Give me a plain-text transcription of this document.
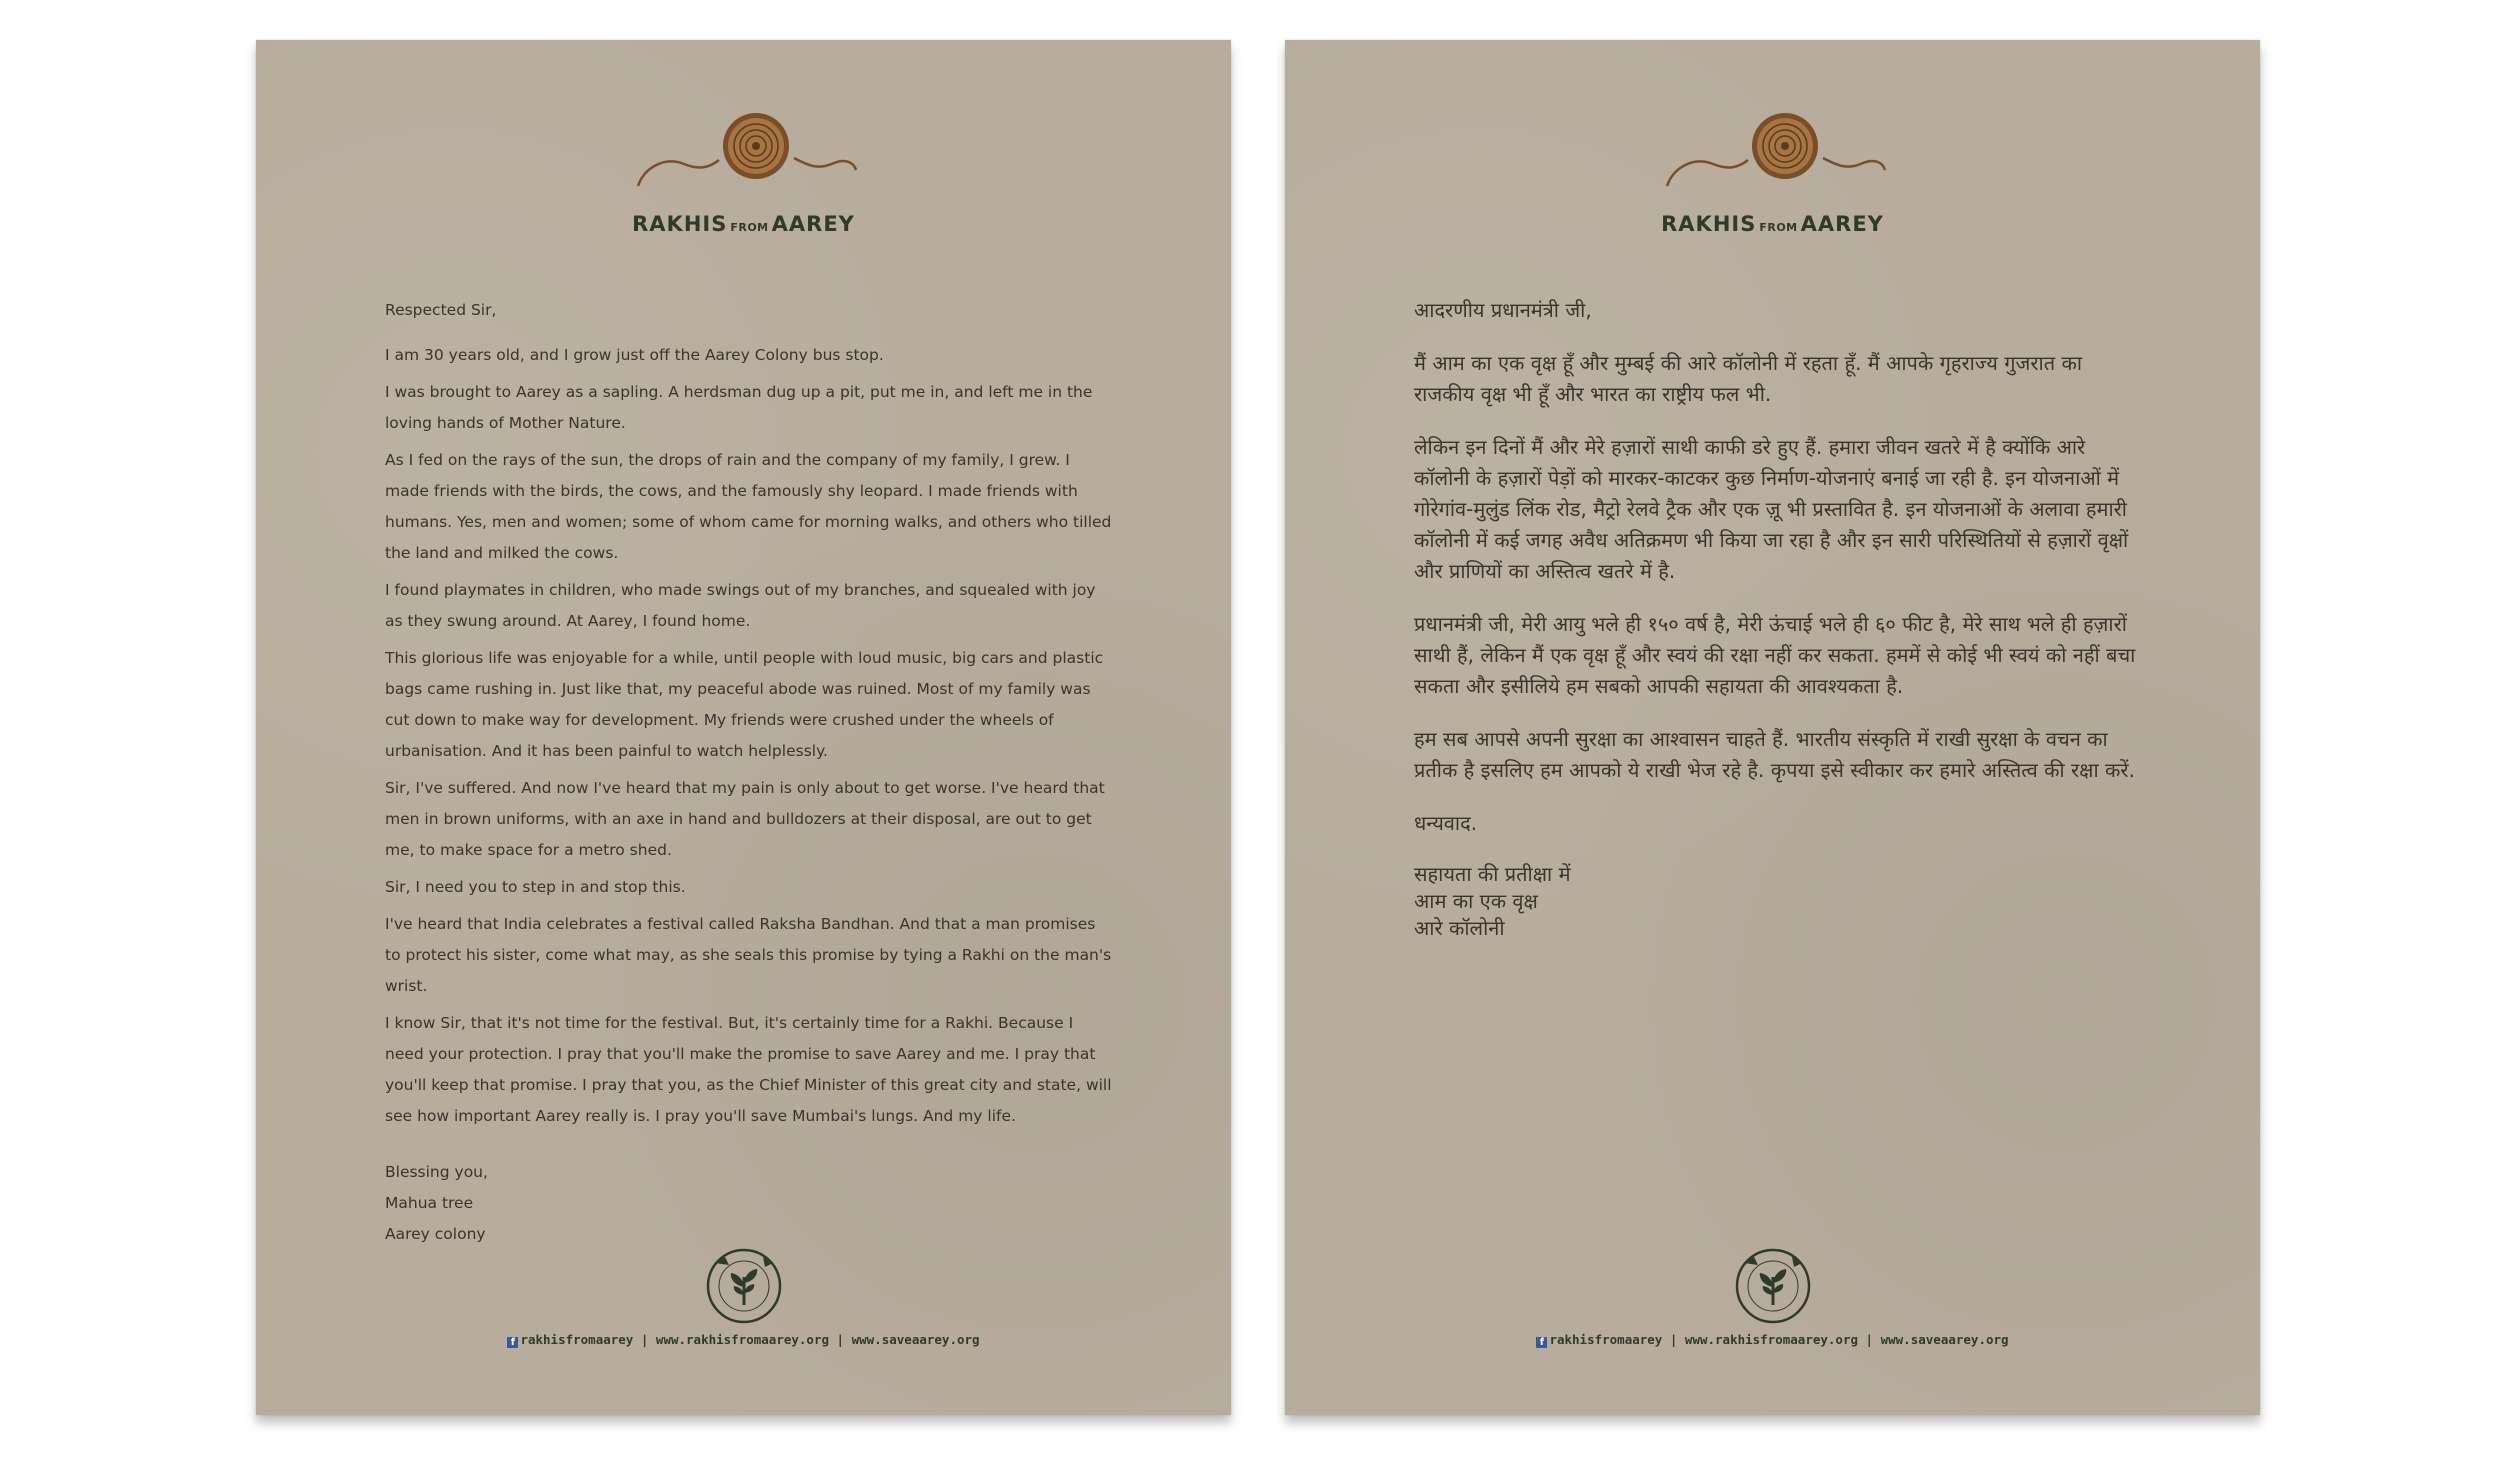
RAKHIS FROM AAREY

Respected Sir,

I am 30 years old, and I grow just off the Aarey Colony bus stop.

I was brought to Aarey as a sapling. A herdsman dug up a pit, put me in, and left me in the loving hands of Mother Nature.

As I fed on the rays of the sun, the drops of rain and the company of my family, I grew. I made friends with the birds, the cows, and the famously shy leopard. I made friends with humans. Yes, men and women; some of whom came for morning walks, and others who tilled the land and milked the cows.

I found playmates in children, who made swings out of my branches, and squealed with joy as they swung around. At Aarey, I found home.

This glorious life was enjoyable for a while, until people with loud music, big cars and plastic bags came rushing in. Just like that, my peaceful abode was ruined. Most of my family was cut down to make way for development. My friends were crushed under the wheels of urbanisation. And it has been painful to watch helplessly.

Sir, I've suffered. And now I've heard that my pain is only about to get worse. I've heard that men in brown uniforms, with an axe in hand and bulldozers at their disposal, are out to get me, to make space for a metro shed.

Sir, I need you to step in and stop this.

I've heard that India celebrates a festival called Raksha Bandhan. And that a man promises to protect his sister, come what may, as she seals this promise by tying a Rakhi on the man's wrist.

I know Sir, that it's not time for the festival. But, it's certainly time for a Rakhi. Because I need your protection. I pray that you'll make the promise to save Aarey and me. I pray that you'll keep that promise. I pray that you, as the Chief Minister of this great city and state, will see how important Aarey really is. I pray you'll save Mumbai's lungs. And my life.

Blessing you,
Mahua tree
Aarey colony
f rakhisfromaarey | www.rakhisfromaarey.org | www.saveaarey.org
RAKHIS FROM AAREY

आदरणीय प्रधानमंत्री जी,

मैं आम का एक वृक्ष हूँ और मुम्बई की आरे कॉलोनी में रहता हूँ. मैं आपके गृहराज्य गुजरात का राजकीय वृक्ष भी हूँ और भारत का राष्ट्रीय फल भी.

लेकिन इन दिनों मैं और मेरे हज़ारों साथी काफी डरे हुए हैं. हमारा जीवन खतरे में है क्योंकि आरे कॉलोनी के हज़ारों पेड़ों को मारकर-काटकर कुछ निर्माण-योजनाएं बनाई जा रही है. इन योजनाओं में गोरेगांव-मुलुंड लिंक रोड, मैट्रो रेलवे ट्रैक और एक ज़ू भी प्रस्तावित है. इन योजनाओं के अलावा हमारी कॉलोनी में कई जगह अवैध अतिक्रमण भी किया जा रहा है और इन सारी परिस्थितियों से हज़ारों वृक्षों और प्राणियों का अस्तित्व खतरे में है.

प्रधानमंत्री जी, मेरी आयु भले ही १५० वर्ष है, मेरी ऊंचाई भले ही ६० फीट है, मेरे साथ भले ही हज़ारों साथी हैं, लेकिन मैं एक वृक्ष हूँ और स्वयं की रक्षा नहीं कर सकता. हममें से कोई भी स्वयं को नहीं बचा सकता और इसीलिये हम सबको आपकी सहायता की आवश्यकता है.

हम सब आपसे अपनी सुरक्षा का आश्वासन चाहते हैं. भारतीय संस्कृति में राखी सुरक्षा के वचन का प्रतीक है इसलिए हम आपको ये राखी भेज रहे है. कृपया इसे स्वीकार कर हमारे अस्तित्व की रक्षा करें.

धन्यवाद.

सहायता की प्रतीक्षा में
आम का एक वृक्ष
आरे कॉलोनी
f rakhisfromaarey | www.rakhisfromaarey.org | www.saveaarey.org
